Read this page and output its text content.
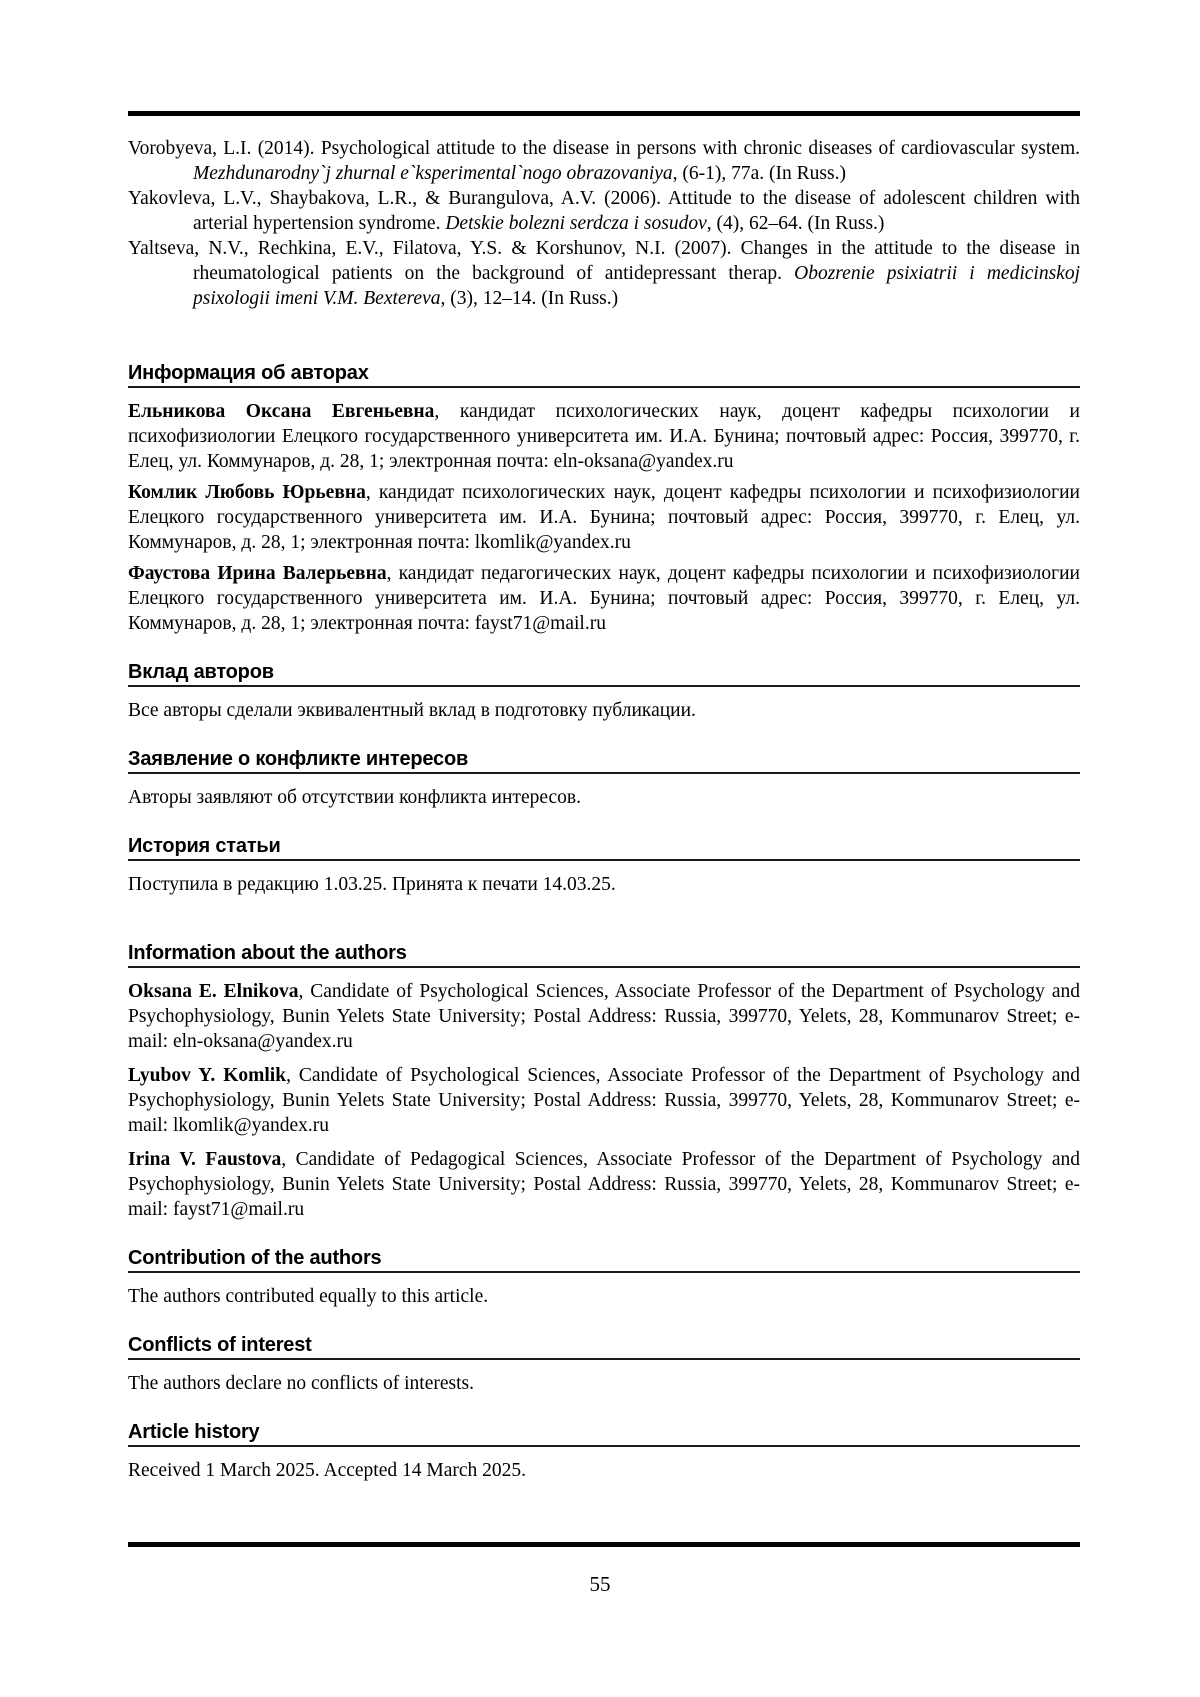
Vorobyeva, L.I. (2014). Psychological attitude to the disease in persons with chronic diseases of cardiovascular system. Mezhdunarodny`j zhurnal e`ksperimental`nogo obrazovaniya, (6-1), 77a. (In Russ.)

Yakovleva, L.V., Shaybakova, L.R., & Burangulova, A.V. (2006). Attitude to the disease of adolescent children with arterial hypertension syndrome. Detskie bolezni serdcza i sosudov, (4), 62–64. (In Russ.)

Yaltseva, N.V., Rechkina, E.V., Filatova, Y.S. & Korshunov, N.I. (2007). Changes in the attitude to the disease in rheumatological patients on the background of antidepressant therap. Obozrenie psixiatrii i medicinskoj psixologii imeni V.M. Bextereva, (3), 12–14. (In Russ.)

Информация об авторах

Ельникова Оксана Евгеньевна, кандидат психологических наук, доцент кафедры психологии и психофизиологии Елецкого государственного университета им. И.А. Бунина; почтовый адрес: Россия, 399770, г. Елец, ул. Коммунаров, д. 28, 1; электронная почта: eln-oksana@yandex.ru

Комлик Любовь Юрьевна, кандидат психологических наук, доцент кафедры психологии и психофизиологии Елецкого государственного университета им. И.А. Бунина; почтовый адрес: Россия, 399770, г. Елец, ул. Коммунаров, д. 28, 1; электронная почта: lkomlik@yandex.ru

Фаустова Ирина Валерьевна, кандидат педагогических наук, доцент кафедры психологии и психофизиологии Елецкого государственного университета им. И.А. Бунина; почтовый адрес: Россия, 399770, г. Елец, ул. Коммунаров, д. 28, 1; электронная почта: fayst71@mail.ru

Вклад авторов

Все авторы сделали эквивалентный вклад в подготовку публикации.

Заявление о конфликте интересов

Авторы заявляют об отсутствии конфликта интересов.

История статьи

Поступила в редакцию 1.03.25. Принята к печати 14.03.25.

Information about the authors

Oksana E. Elnikova, Candidate of Psychological Sciences, Associate Professor of the Department of Psychology and Psychophysiology, Bunin Yelets State University; Postal Address: Russia, 399770, Yelets, 28, Kommunarov Street; e-mail: eln-oksana@yandex.ru

Lyubov Y. Komlik, Candidate of Psychological Sciences, Associate Professor of the Department of Psychology and Psychophysiology, Bunin Yelets State University; Postal Address: Russia, 399770, Yelets, 28, Kommunarov Street; e-mail: lkomlik@yandex.ru

Irina V. Faustova, Candidate of Pedagogical Sciences, Associate Professor of the Department of Psychology and Psychophysiology, Bunin Yelets State University; Postal Address: Russia, 399770, Yelets, 28, Kommunarov Street; e-mail: fayst71@mail.ru

Contribution of the authors

The authors contributed equally to this article.

Conflicts of interest

The authors declare no conflicts of interests.

Article history

Received 1 March 2025. Accepted 14 March 2025.

55
